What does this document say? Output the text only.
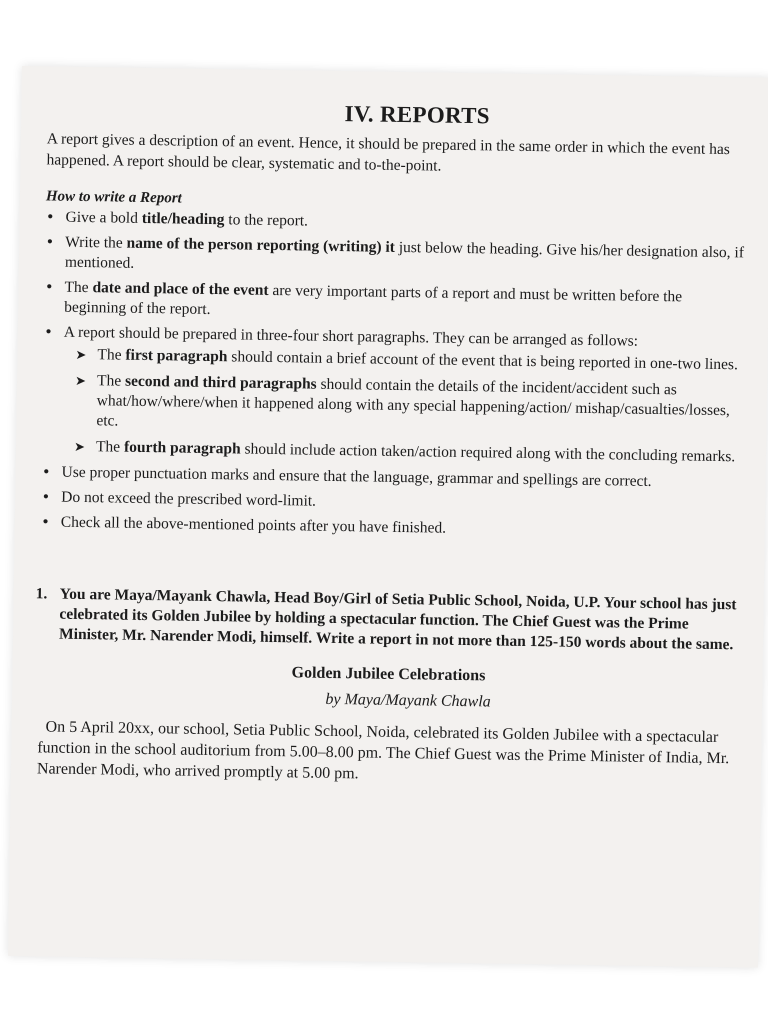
IV. REPORTS

A report gives a description of an event. Hence, it should be prepared in the same order in which the event has happened. A report should be clear, systematic and to-the-point.

How to write a Report

• Give a bold title/heading to the report.
• Write the name of the person reporting (writing) it just below the heading. Give his/her designation also, if mentioned.
• The date and place of the event are very important parts of a report and must be written before the beginning of the report.
• A report should be prepared in three-four short paragraphs. They can be arranged as follows:
➤ The first paragraph should contain a brief account of the event that is being reported in one-two lines.
➤ The second and third paragraphs should contain the details of the incident/accident such as what/how/where/when it happened along with any special happening/action/ mishap/casualties/losses, etc.
➤ The fourth paragraph should include action taken/action required along with the concluding remarks.
• Use proper punctuation marks and ensure that the language, grammar and spellings are correct.
• Do not exceed the prescribed word-limit.
• Check all the above-mentioned points after you have finished.
1. You are Maya/Mayank Chawla, Head Boy/Girl of Setia Public School, Noida, U.P. Your school has just celebrated its Golden Jubilee by holding a spectacular function. The Chief Guest was the Prime Minister, Mr. Narender Modi, himself. Write a report in not more than 125-150 words about the same.

Golden Jubilee Celebrations

by Maya/Mayank Chawla

On 5 April 20xx, our school, Setia Public School, Noida, celebrated its Golden Jubilee with a spectacular function in the school auditorium from 5.00–8.00 pm. The Chief Guest was the Prime Minister of India, Mr. Narender Modi, who arrived promptly at 5.00 pm.
